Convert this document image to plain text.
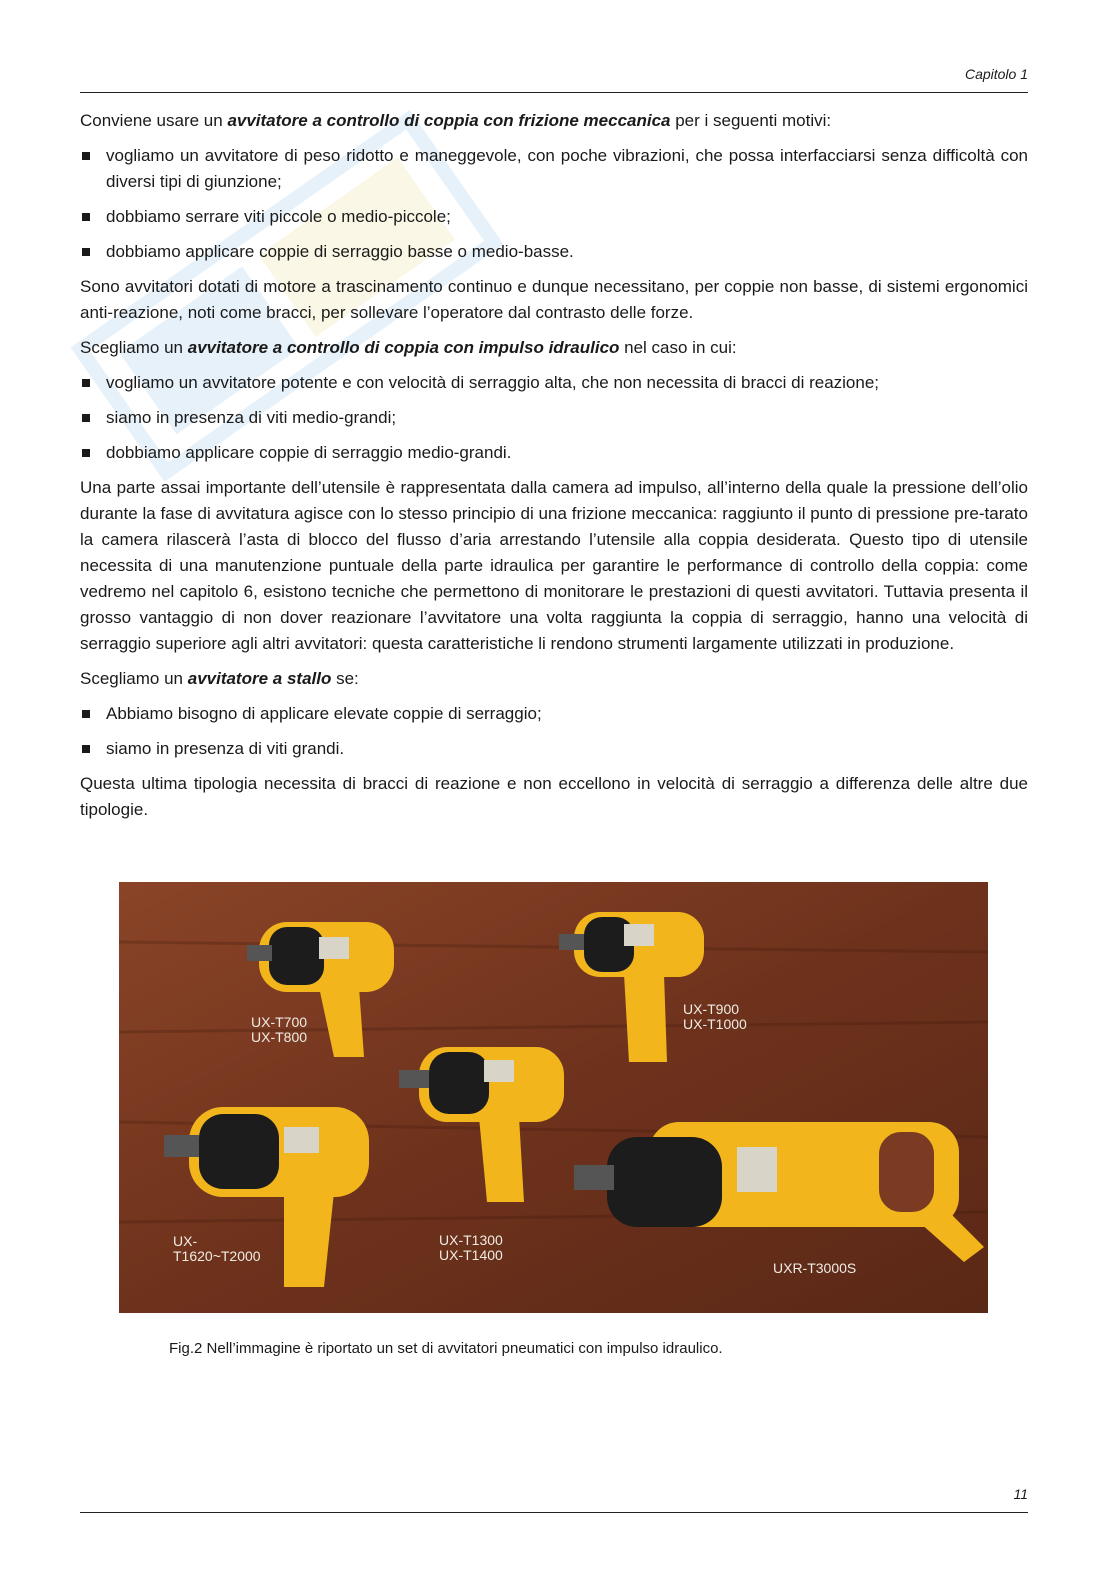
Capitolo 1

Conviene usare un avvitatore a controllo di coppia con frizione meccanica per i seguenti motivi:

vogliamo un avvitatore di peso ridotto e maneggevole, con poche vibrazioni, che possa interfacciarsi senza difficoltà con diversi tipi di giunzione;
dobbiamo serrare viti piccole o medio-piccole;
dobbiamo applicare coppie di serraggio basse o medio-basse.

Sono avvitatori dotati di motore a trascinamento continuo e dunque necessitano, per coppie non basse, di sistemi ergonomici anti-reazione, noti come bracci, per sollevare l’operatore dal contrasto delle forze.

Scegliamo un avvitatore a controllo di coppia con impulso idraulico nel caso in cui:

vogliamo un avvitatore potente e con velocità di serraggio alta, che non necessita di bracci di reazione;
siamo in presenza di viti medio-grandi;
dobbiamo applicare coppie di serraggio medio-grandi.

Una parte assai importante dell’utensile è rappresentata dalla camera ad impulso, all’interno della quale la pressione dell’olio durante la fase di avvitatura agisce con lo stesso principio di una frizione meccanica: raggiunto il punto di pressione pre-tarato la camera rilascerà l’asta di blocco del flusso d’aria arrestando l’utensile alla coppia desiderata. Questo tipo di utensile necessita di una manutenzione puntuale della parte idraulica per garantire le performance di controllo della coppia: come vedremo nel capitolo 6, esistono tecniche che permettono di monitorare le prestazioni di questi avvitatori. Tuttavia presenta il grosso vantaggio di non dover reazionare l’avvitatore una volta raggiunta la coppia di serraggio, hanno una velocità di serraggio superiore agli altri avvitatori: questa caratteristiche li rendono strumenti largamente utilizzati in produzione.

Scegliamo un avvitatore a stallo se:

Abbiamo bisogno di applicare elevate coppie di serraggio;
siamo in presenza di viti grandi.

Questa ultima tipologia necessita di bracci di reazione e non eccellono in velocità di serraggio a differenza delle altre due tipologie.

UX-T700
UX-T800
UX-T900
UX-T1000
UX-
T1620~T2000
UX-T1300
UX-T1400
UXR-T3000S
Fig.2 Nell’immagine è riportato un set di avvitatori pneumatici con impulso idraulico.
11
